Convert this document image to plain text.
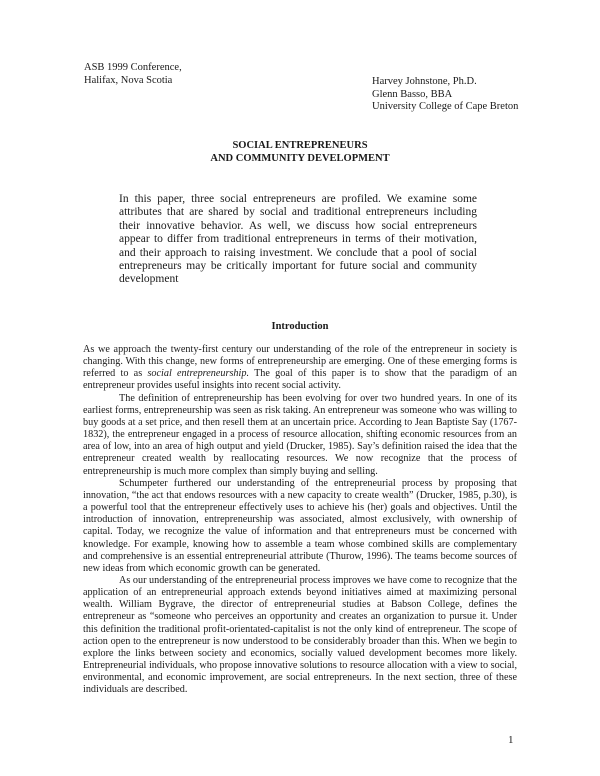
ASB 1999 Conference,
Halifax, Nova Scotia	Harvey Johnstone, Ph.D.
Glenn Basso, BBA
University College of Cape Breton
SOCIAL ENTREPRENEURS
AND COMMUNITY DEVELOPMENT
In this paper, three social entrepreneurs are profiled. We examine some attributes that are shared by social and traditional entrepreneurs including their innovative behavior. As well, we discuss how social entrepreneurs appear to differ from traditional entrepreneurs in terms of their motivation, and their approach to raising investment. We conclude that a pool of social entrepreneurs may be critically important for future social and community development
Introduction

As we approach the twenty-first century our understanding of the role of the entrepreneur in society is changing. With this change, new forms of entrepreneurship are emerging. One of these emerging forms is referred to as social entrepreneurship. The goal of this paper is to show that the paradigm of an entrepreneur provides useful insights into recent social activity.

The definition of entrepreneurship has been evolving for over two hundred years. In one of its earliest forms, entrepreneurship was seen as risk taking. An entrepreneur was someone who was willing to buy goods at a set price, and then resell them at an uncertain price. According to Jean Baptiste Say (1767-1832), the entrepreneur engaged in a process of resource allocation, shifting economic resources from an area of low, into an area of high output and yield (Drucker, 1985). Say’s definition raised the idea that the entrepreneur created wealth by reallocating resources. We now recognize that the process of entrepreneurship is much more complex than simply buying and selling.

Schumpeter furthered our understanding of the entrepreneurial process by proposing that innovation, “the act that endows resources with a new capacity to create wealth” (Drucker, 1985, p.30), is a powerful tool that the entrepreneur effectively uses to achieve his (her) goals and objectives. Until the introduction of innovation, entrepreneurship was associated, almost exclusively, with ownership of capital. Today, we recognize the value of information and that entrepreneurs must be concerned with knowledge. For example, knowing how to assemble a team whose combined skills are complementary and comprehensive is an essential entrepreneurial attribute (Thurow, 1996). The teams become sources of new ideas from which economic growth can be generated.

As our understanding of the entrepreneurial process improves we have come to recognize that the application of an entrepreneurial approach extends beyond initiatives aimed at maximizing personal wealth. William Bygrave, the director of entrepreneurial studies at Babson College, defines the entrepreneur as “someone who perceives an opportunity and creates an organization to pursue it. Under this definition the traditional profit-orientated-capitalist is not the only kind of entrepreneur. The scope of action open to the entrepreneur is now understood to be considerably broader than this. When we begin to explore the links between society and economics, socially valued development becomes more likely. Entrepreneurial individuals, who propose innovative solutions to resource allocation with a view to social, environmental, and economic improvement, are social entrepreneurs. In the next section, three of these individuals are described.

1
